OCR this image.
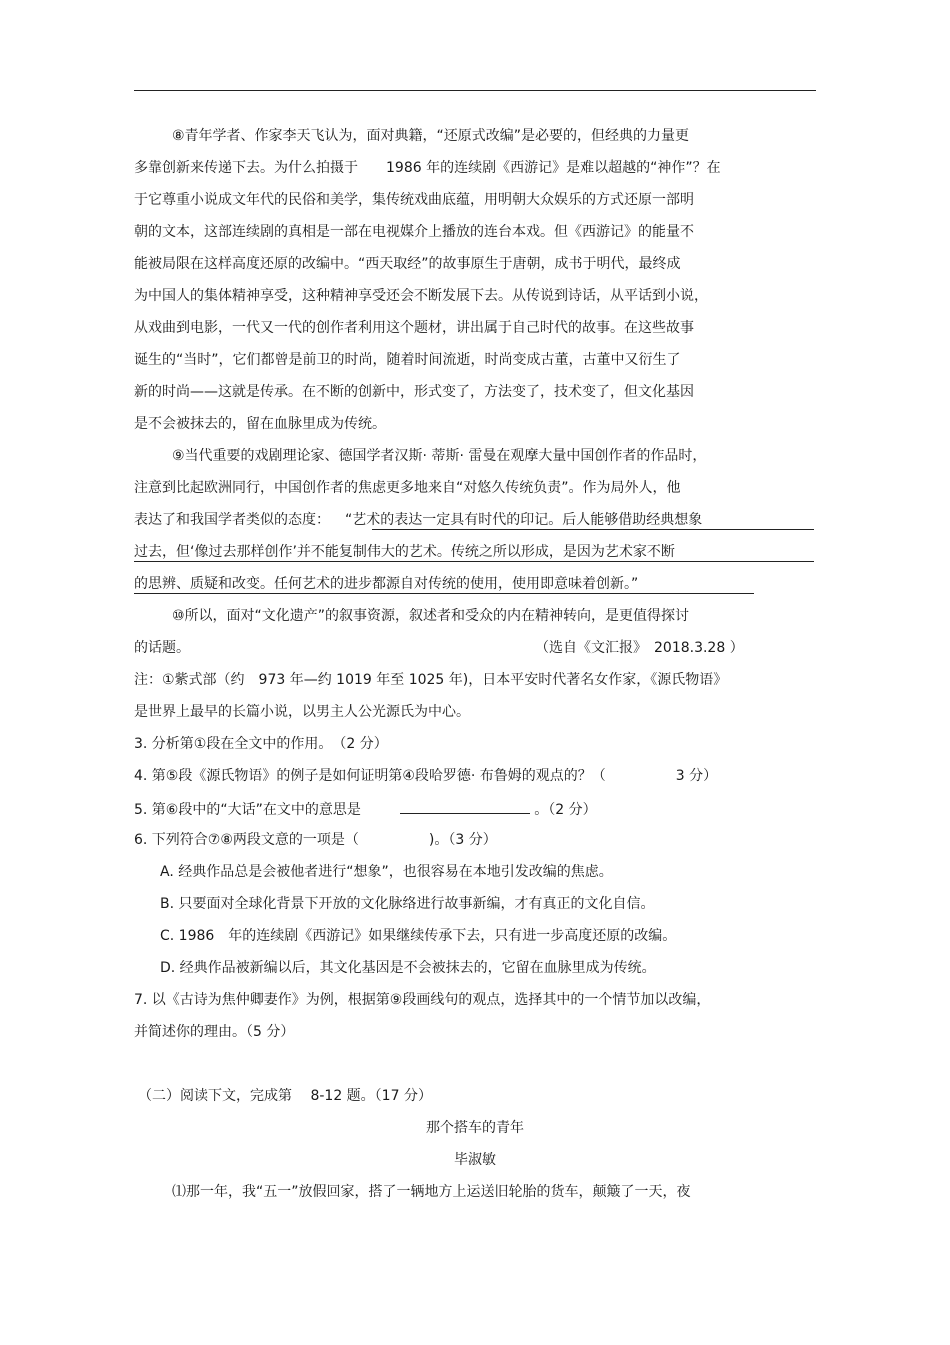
⑧青年学者、作家李天飞认为，面对典籍，“还原式改编”是必要的，但经典的力量更
多靠创新来传递下去。为什么拍摄于　　1986 年的连续剧《西游记》是难以超越的“神作”？在
于它尊重小说成文年代的民俗和美学，集传统戏曲底蕴，用明朝大众娱乐的方式还原一部明
朝的文本，这部连续剧的真相是一部在电视媒介上播放的连台本戏。但《西游记》的能量不
能被局限在这样高度还原的改编中。“西天取经”的故事原生于唐朝，成书于明代，最终成
为中国人的集体精神享受，这种精神享受还会不断发展下去。从传说到诗话，从平话到小说，
从戏曲到电影，一代又一代的创作者利用这个题材，讲出属于自己时代的故事。在这些故事
诞生的“当时”，它们都曾是前卫的时尚，随着时间流逝，时尚变成古董，古董中又衍生了
新的时尚——这就是传承。在不断的创新中，形式变了，方法变了，技术变了，但文化基因
是不会被抹去的，留在血脉里成为传统。
⑨当代重要的戏剧理论家、德国学者汉斯· 蒂斯· 雷曼在观摩大量中国创作者的作品时，
注意到比起欧洲同行，中国创作者的焦虑更多地来自“对悠久传统负责”。作为局外人，他
表达了和我国学者类似的态度： “艺术的表达一定具有时代的印记。后人能够借助经典想象
过去，但‘像过去那样创作’并不能复制伟大的艺术。传统之所以形成，是因为艺术家不断
的思辨、质疑和改变。任何艺术的进步都源自对传统的使用，使用即意味着创新。”
⑩所以，面对“文化遗产”的叙事资源，叙述者和受众的内在精神转向，是更值得探讨
的话题。	（选自《文汇报》　2018.3.28 ）
注：①紫式部（约　973 年—约 1019 年至 1025 年)，日本平安时代著名女作家，《源氏物语》
是世界上最早的长篇小说，以男主人公光源氏为中心。
3. 分析第①段在全文中的作用。　（2 分）
4. 第⑤段《源氏物语》的例子是如何证明第④段哈罗德· 布鲁姆的观点的？（　　　　　3 分）
5. 第⑥段中的“大话”在文中的意思是	。（2 分）
6. 下列符合⑦⑧两段文意的一项是（　　　　　)。（3 分）
A. 经典作品总是会被他者进行“想象”，也很容易在本地引发改编的焦虑。
B. 只要面对全球化背景下开放的文化脉络进行故事新编，才有真正的文化自信。
C. 1986　年的连续剧《西游记》如果继续传承下去，只有进一步高度还原的改编。
D. 经典作品被新编以后，其文化基因是不会被抹去的，它留在血脉里成为传统。
7. 以《古诗为焦仲卿妻作》为例，根据第⑨段画线句的观点，选择其中的一个情节加以改编，
并简述你的理由。（5 分）
（二）阅读下文，完成第　 8-12 题。（17 分）
那个搭车的青年
毕淑敏
⑴那一年，我“五一”放假回家，搭了一辆地方上运送旧轮胎的货车，颠簸了一天，夜
